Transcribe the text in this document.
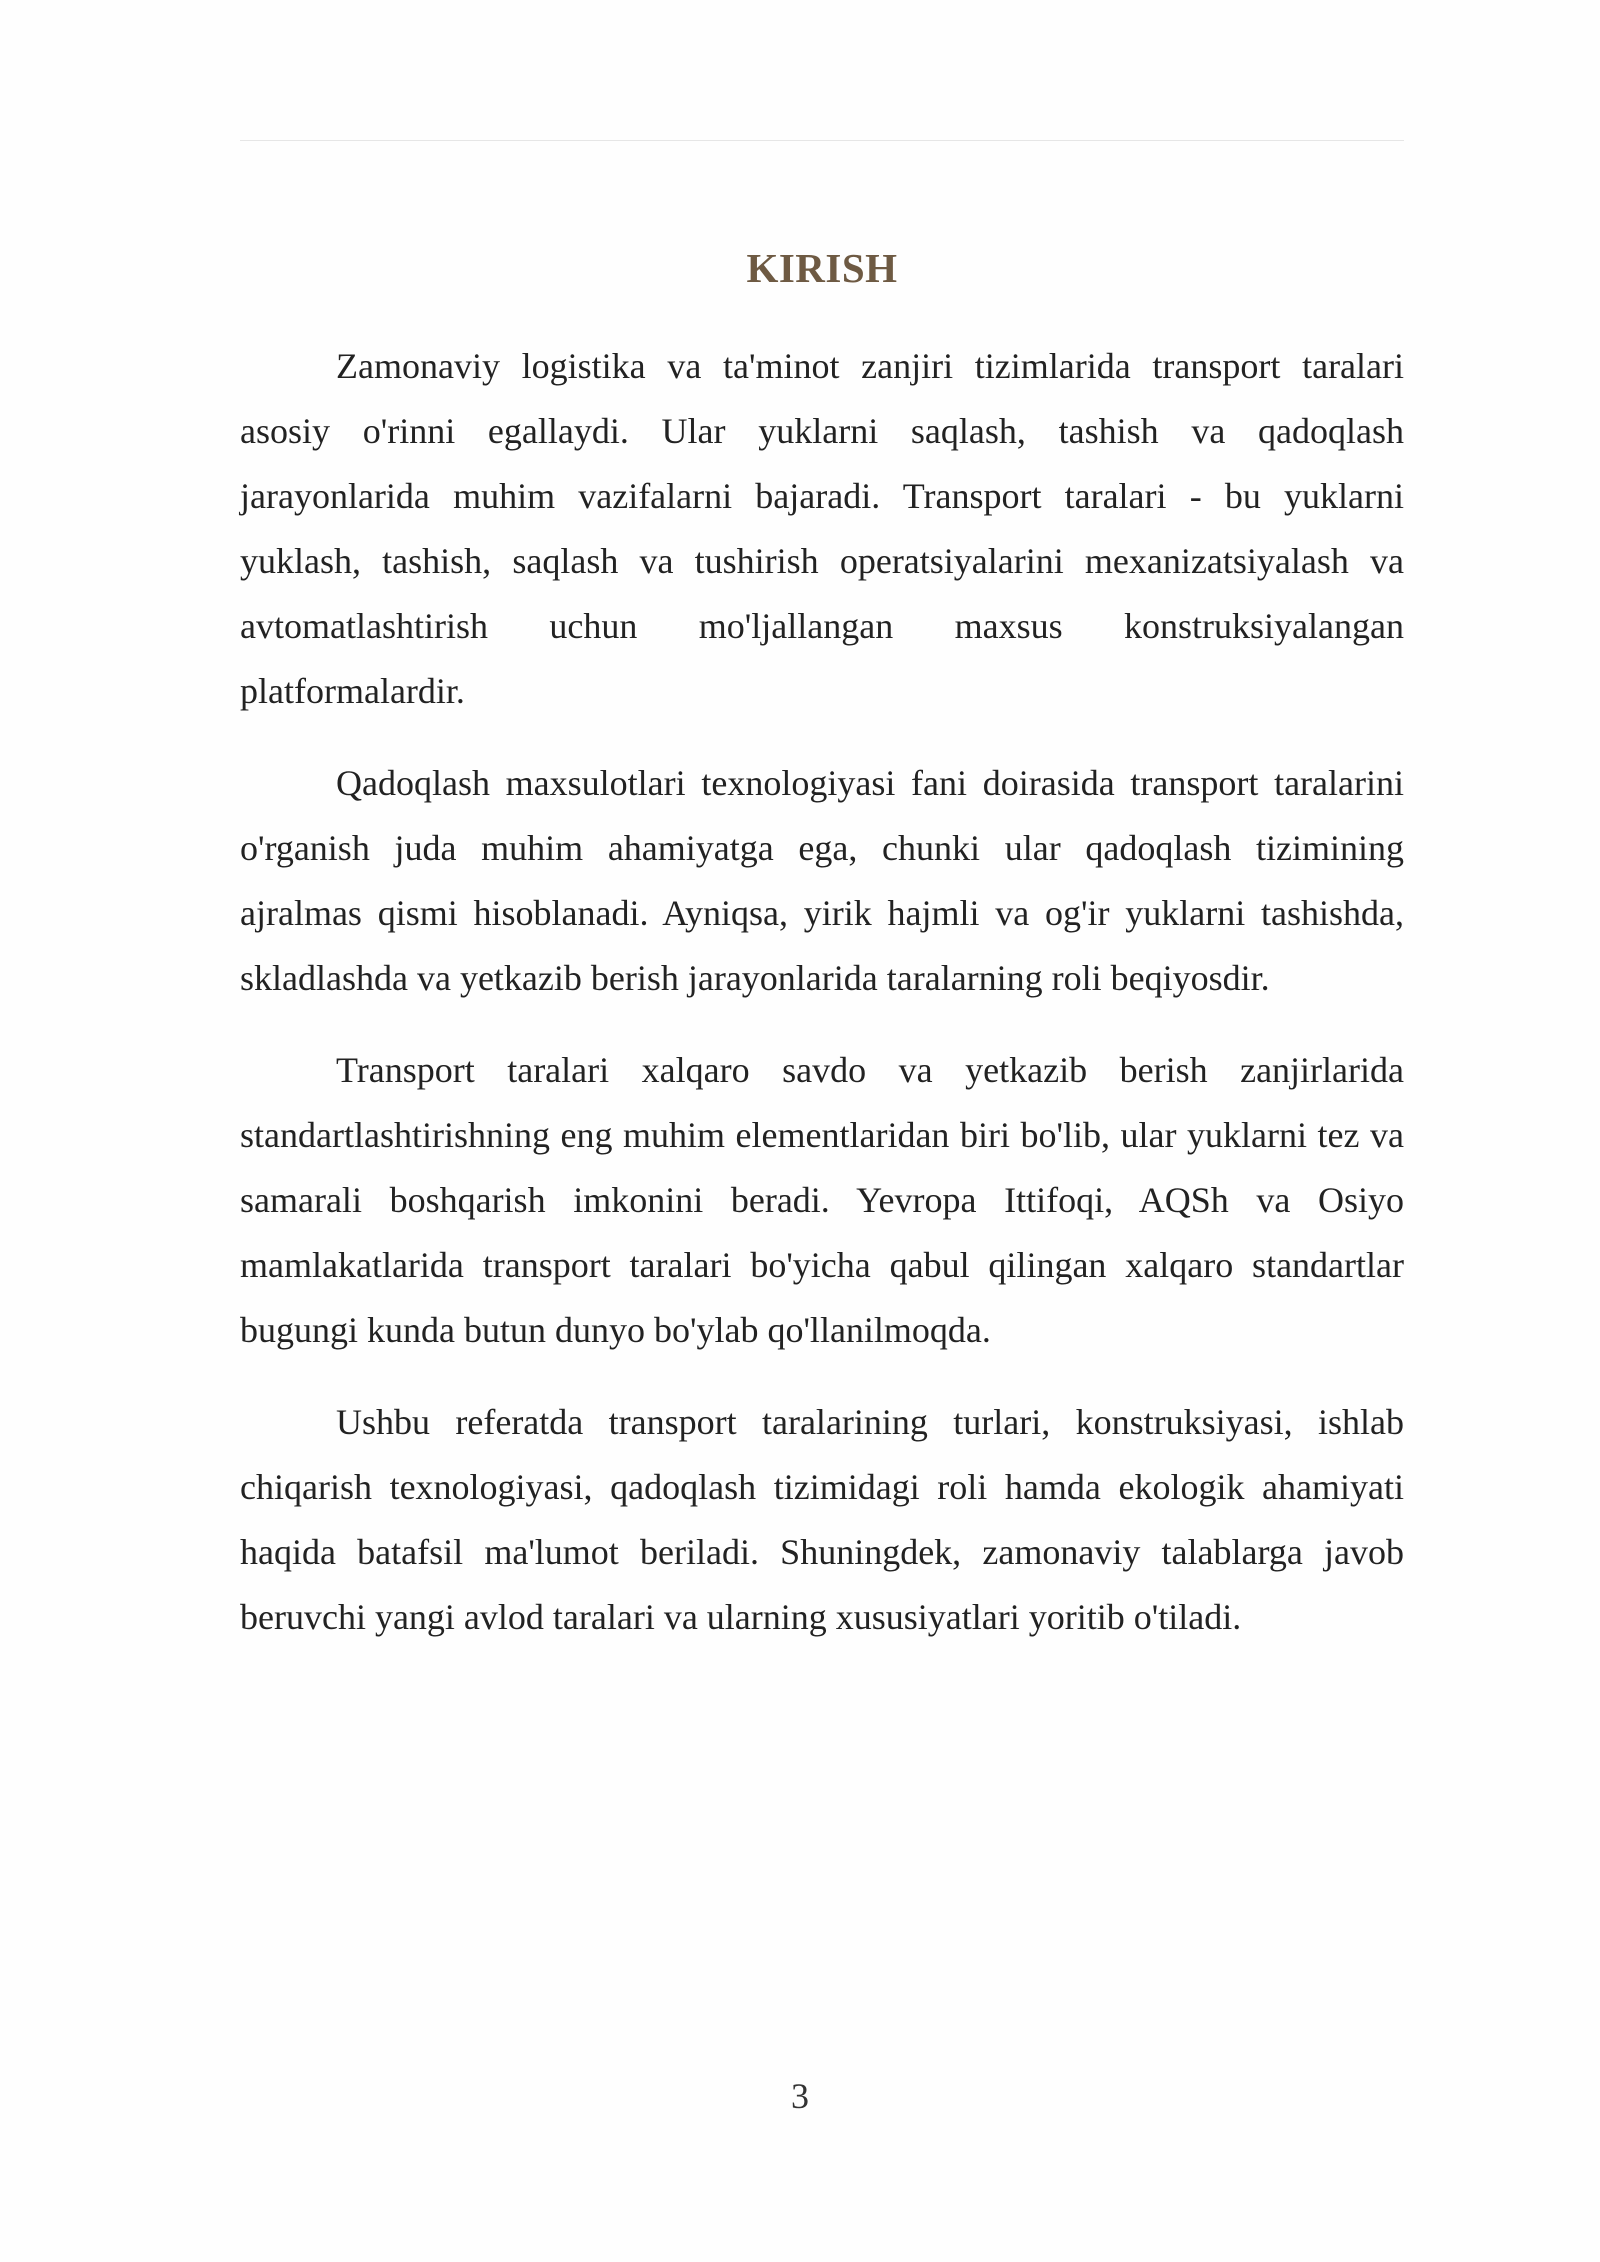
KIRISH

Zamonaviy logistika va ta'minot zanjiri tizimlarida transport taralari asosiy o'rinni egallaydi. Ular yuklarni saqlash, tashish va qadoqlash jarayonlarida muhim vazifalarni bajaradi. Transport taralari - bu yuklarni yuklash, tashish, saqlash va tushirish operatsiyalarini mexanizatsiyalash va avtomatlashtirish uchun mo'ljallangan maxsus konstruksiyalangan platformalardir.

Qadoqlash maxsulotlari texnologiyasi fani doirasida transport taralarini o'rganish juda muhim ahamiyatga ega, chunki ular qadoqlash tizimining ajralmas qismi hisoblanadi. Ayniqsa, yirik hajmli va og'ir yuklarni tashishda, skladlashda va yetkazib berish jarayonlarida taralarning roli beqiyosdir.

Transport taralari xalqaro savdo va yetkazib berish zanjirlarida standartlashtirishning eng muhim elementlaridan biri bo'lib, ular yuklarni tez va samarali boshqarish imkonini beradi. Yevropa Ittifoqi, AQSh va Osiyo mamlakatlarida transport taralari bo'yicha qabul qilingan xalqaro standartlar bugungi kunda butun dunyo bo'ylab qo'llanilmoqda.

Ushbu referatda transport taralarining turlari, konstruksiyasi, ishlab chiqarish texnologiyasi, qadoqlash tizimidagi roli hamda ekologik ahamiyati haqida batafsil ma'lumot beriladi. Shuningdek, zamonaviy talablarga javob beruvchi yangi avlod taralari va ularning xususiyatlari yoritib o'tiladi.

3
